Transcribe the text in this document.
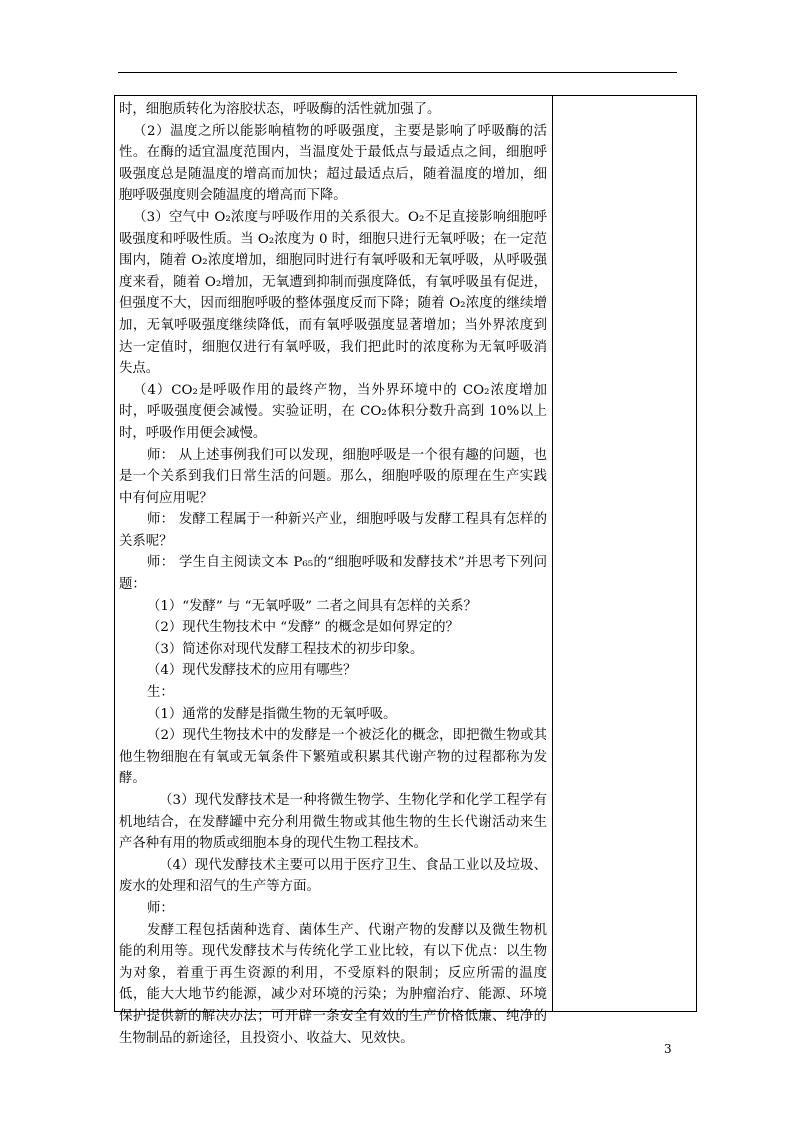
时，细胞质转化为溶胶状态，呼吸酶的活性就加强了。

（2）温度之所以能影响植物的呼吸强度，主要是影响了呼吸酶的活性。在酶的适宜温度范围内，当温度处于最低点与最适点之间，细胞呼吸强度总是随温度的增高而加快；超过最适点后，随着温度的增加，细胞呼吸强度则会随温度的增高而下降。

（3）空气中 O₂浓度与呼吸作用的关系很大。O₂不足直接影响细胞呼吸强度和呼吸性质。当 O₂浓度为 0 时，细胞只进行无氧呼吸；在一定范围内，随着 O₂浓度增加，细胞同时进行有氧呼吸和无氧呼吸，从呼吸强度来看，随着 O₂增加，无氧遭到抑制而强度降低，有氧呼吸虽有促进，但强度不大，因而细胞呼吸的整体强度反而下降；随着 O₂浓度的继续增加，无氧呼吸强度继续降低，而有氧呼吸强度显著增加；当外界浓度到达一定值时，细胞仅进行有氧呼吸，我们把此时的浓度称为无氧呼吸消失点。

（4）CO₂是呼吸作用的最终产物，当外界环境中的 CO₂浓度增加时，呼吸强度便会减慢。实验证明，在 CO₂体积分数升高到 10%以上时，呼吸作用便会减慢。

师： 从上述事例我们可以发现，细胞呼吸是一个很有趣的问题，也是一个关系到我们日常生活的问题。那么，细胞呼吸的原理在生产实践中有何应用呢？

师： 发酵工程属于一种新兴产业，细胞呼吸与发酵工程具有怎样的关系呢？

师： 学生自主阅读文本 P₆₅的“细胞呼吸和发酵技术”并思考下列问题：

（1）“发酵” 与 “无氧呼吸” 二者之间具有怎样的关系？

（2）现代生物技术中 “发酵” 的概念是如何界定的？

（3）简述你对现代发酵工程技术的初步印象。

（4）现代发酵技术的应用有哪些？

生：

（1）通常的发酵是指微生物的无氧呼吸。

（2）现代生物技术中的发酵是一个被泛化的概念，即把微生物或其他生物细胞在有氧或无氧条件下繁殖或积累其代谢产物的过程都称为发酵。

（3）现代发酵技术是一种将微生物学、生物化学和化学工程学有机地结合，在发酵罐中充分利用微生物或其他生物的生长代谢活动来生产各种有用的物质或细胞本身的现代生物工程技术。

（4）现代发酵技术主要可以用于医疗卫生、食品工业以及垃圾、废水的处理和沼气的生产等方面。

师：

发酵工程包括菌种选育、菌体生产、代谢产物的发酵以及微生物机能的利用等。现代发酵技术与传统化学工业比较，有以下优点：以生物为对象，着重于再生资源的利用，不受原料的限制；反应所需的温度低，能大大地节约能源，减少对环境的污染；为肿瘤治疗、能源、环境保护提供新的解决办法；可开辟一条安全有效的生产价格低廉、纯净的生物制品的新途径，且投资小、收益大、见效快。

3
